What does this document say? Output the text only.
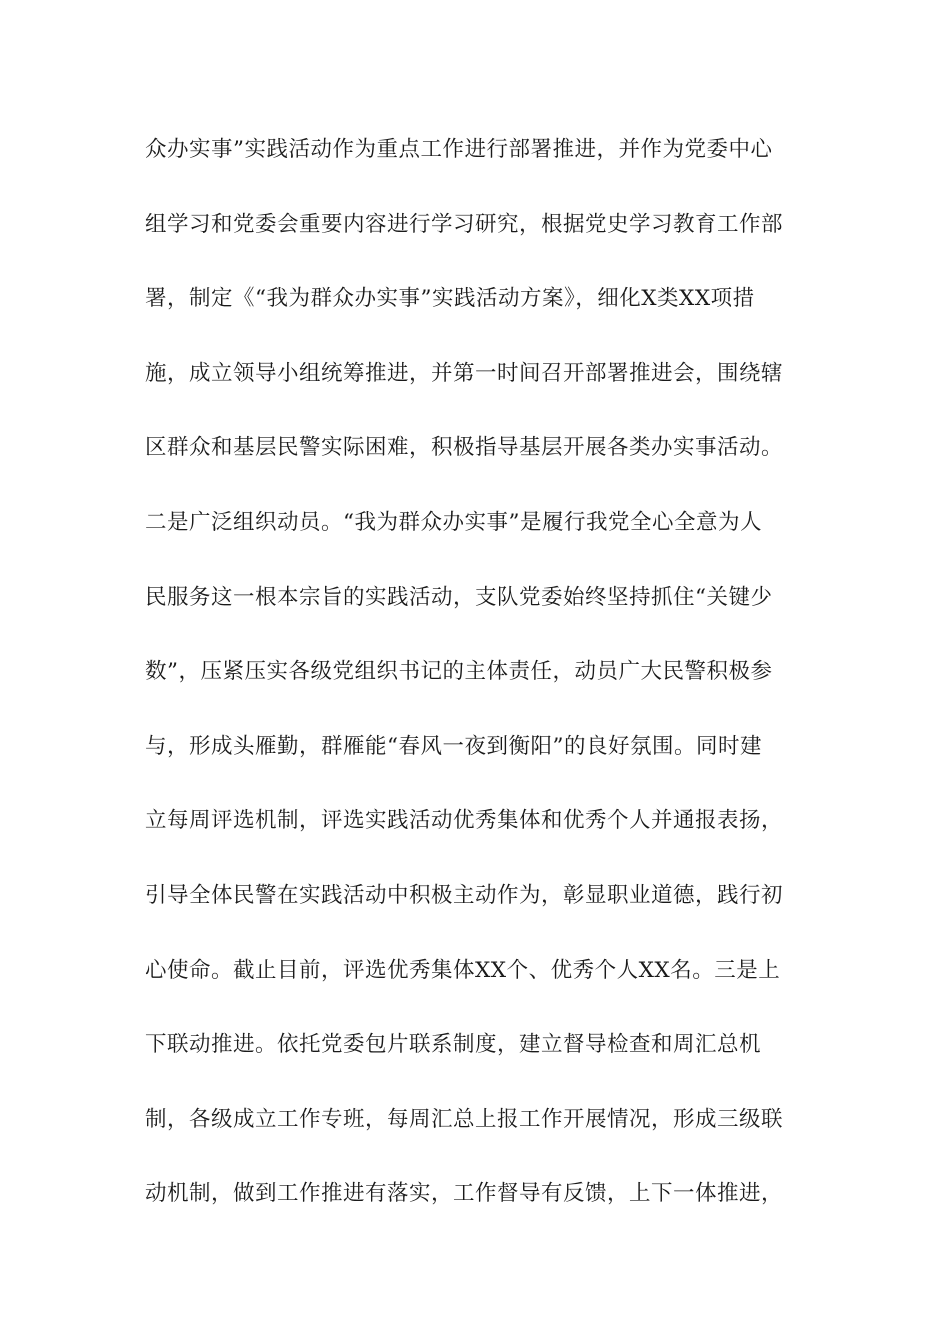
众办实事”实践活动作为重点工作进行部署推进，并作为党委中心
组学习和党委会重要内容进行学习研究，根据党史学习教育工作部
署，制定《“我为群众办实事”实践活动方案》，细化X类XX项措
施，成立领导小组统筹推进，并第一时间召开部署推进会，围绕辖
区群众和基层民警实际困难，积极指导基层开展各类办实事活动。
二是广泛组织动员。“我为群众办实事”是履行我党全心全意为人
民服务这一根本宗旨的实践活动，支队党委始终坚持抓住“关键少
数”，压紧压实各级党组织书记的主体责任，动员广大民警积极参
与，形成头雁勤，群雁能“春风一夜到衡阳”的良好氛围。同时建
立每周评选机制，评选实践活动优秀集体和优秀个人并通报表扬，
引导全体民警在实践活动中积极主动作为，彰显职业道德，践行初
心使命。截止目前，评选优秀集体XX个、优秀个人XX名。三是上
下联动推进。依托党委包片联系制度，建立督导检查和周汇总机
制，各级成立工作专班，每周汇总上报工作开展情况，形成三级联
动机制，做到工作推进有落实，工作督导有反馈，上下一体推进，
